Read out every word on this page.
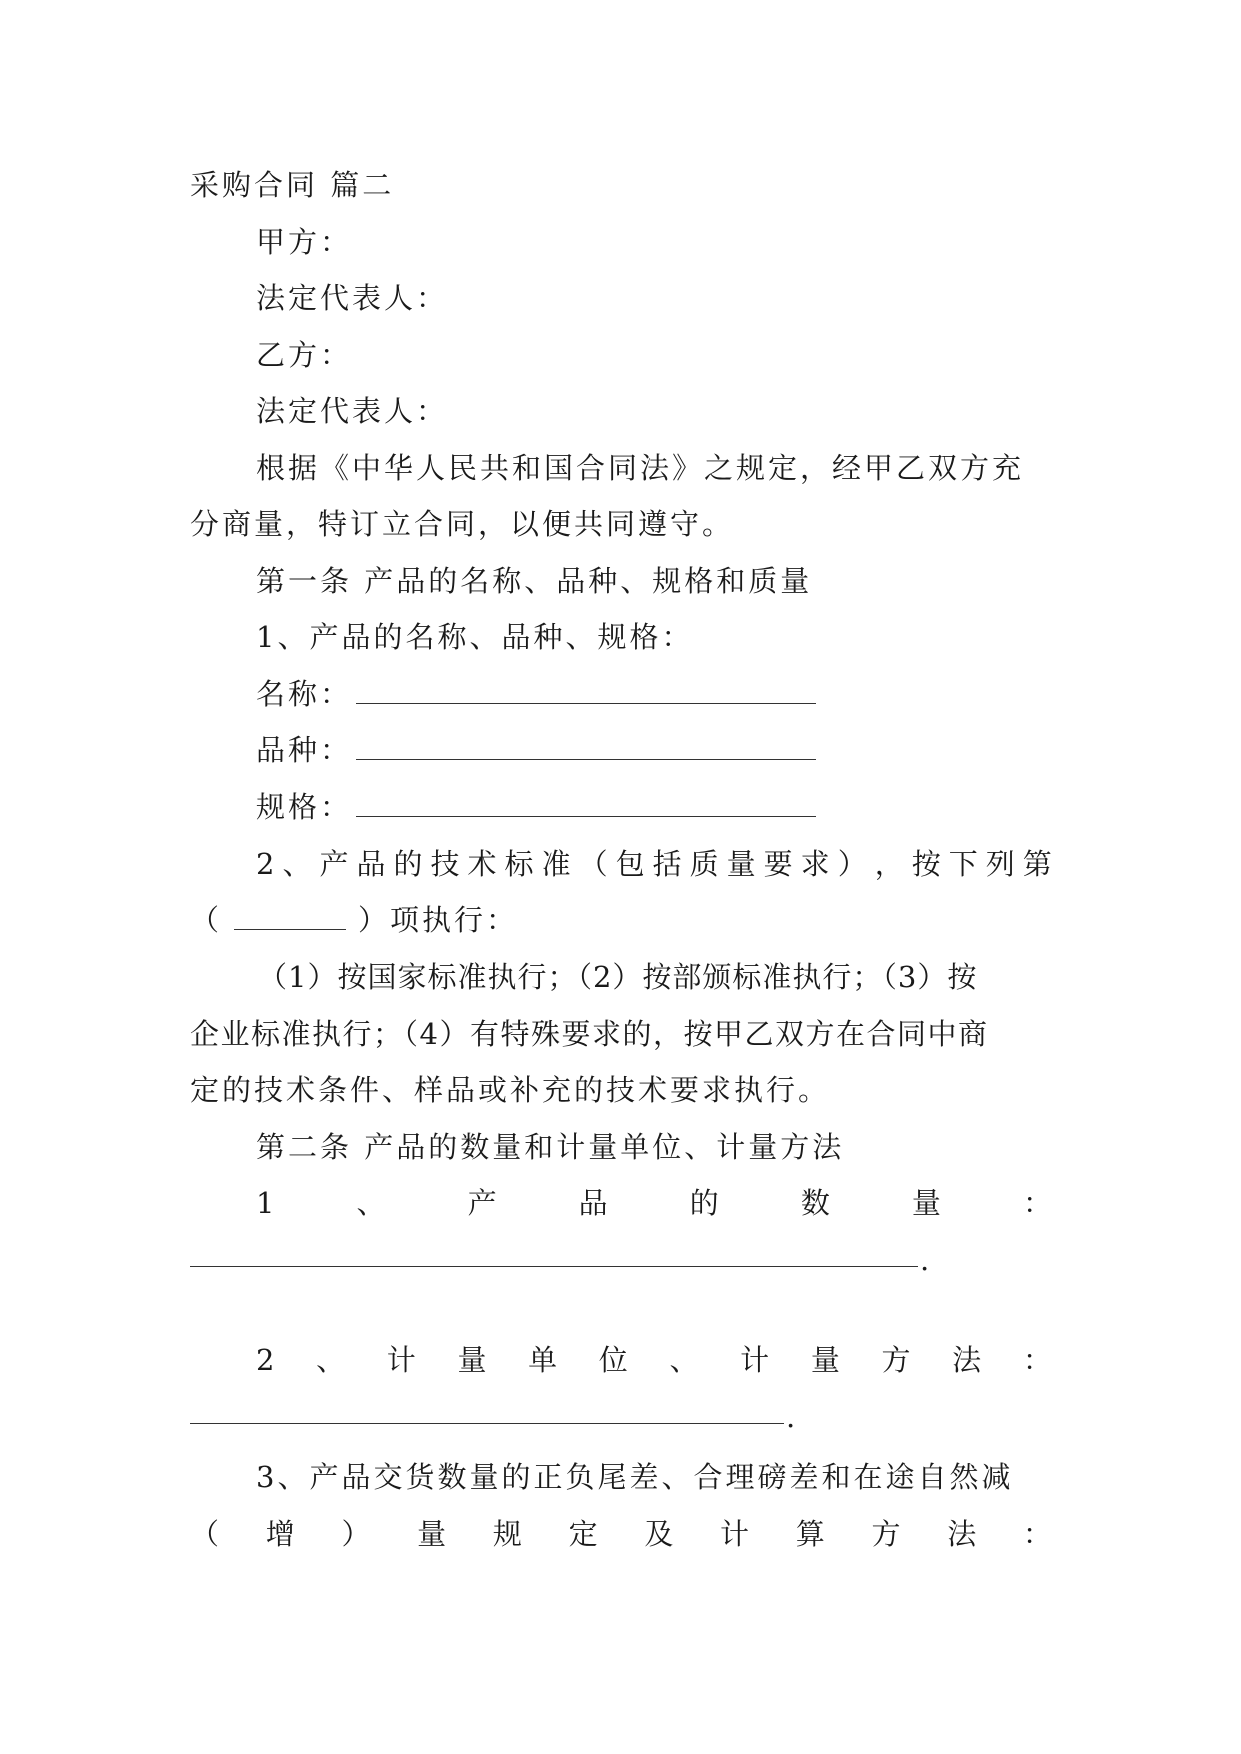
采购合同 篇二
甲方：
法定代表人：
乙方：
法定代表人：
根据《中华人民共和国合同法》之规定，经甲乙双方充
分商量，特订立合同，以便共同遵守。
第一条 产品的名称、品种、规格和质量
1、产品的名称、品种、规格：
名称：
品种：
规格：
2 、 产 品 的 技 术 标 准 （ 包 括 质 量 要 求 ） ， 按 下 列 第
（	）项执行：
（1）按国家标准执行；（2）按部颁标准执行；（3）按
企业标准执行；（4）有特殊要求的，按甲乙双方在合同中商
定的技术条件、样品或补充的技术要求执行。
第二条 产品的数量和计量单位、计量方法
1	、	产	品	的	数	量	：
.
2 、 计 量 单 位 、 计 量 方 法 ：
.
3、产品交货数量的正负尾差、合理磅差和在途自然减
（ 增 ） 量 规 定 及 计 算 方 法 ：
